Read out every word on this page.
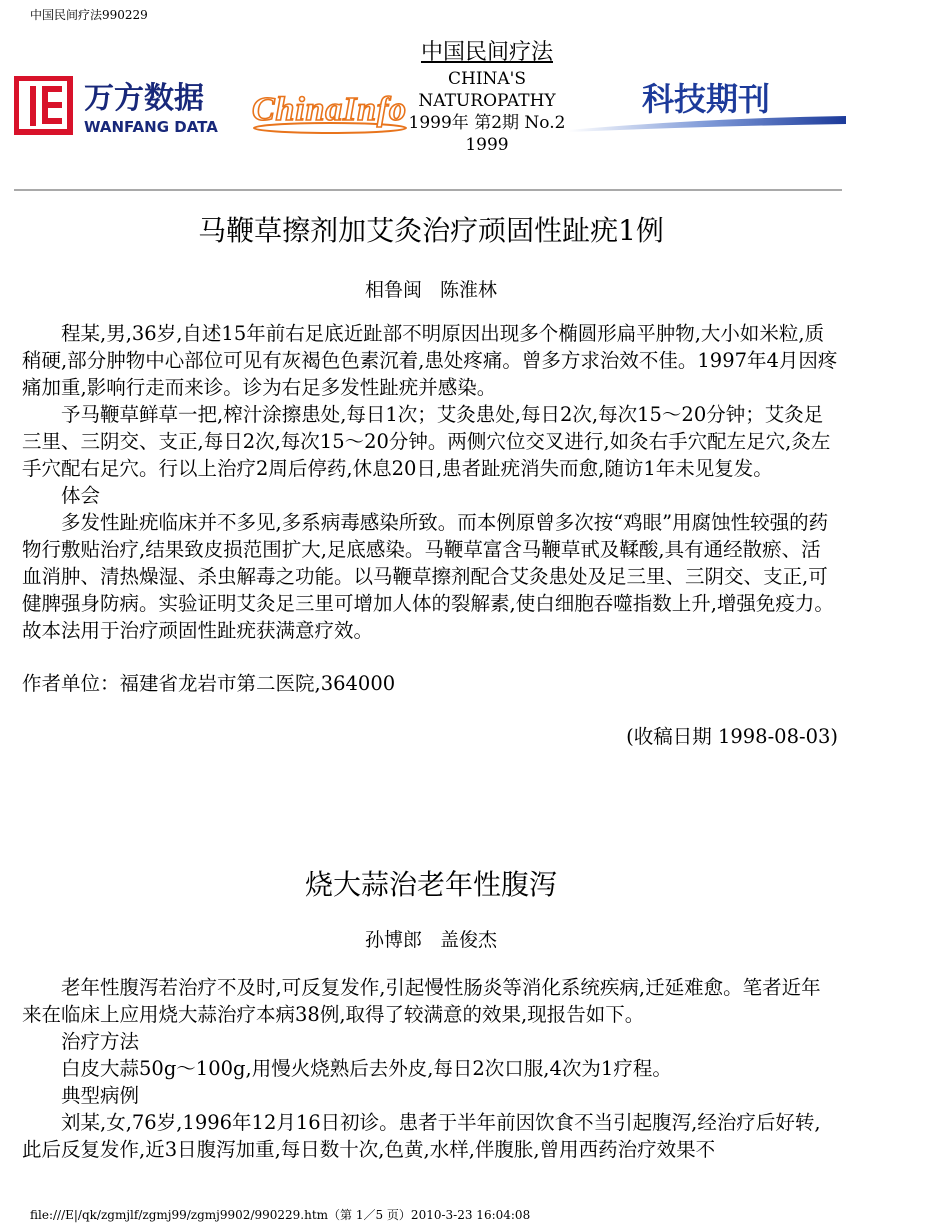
中国民间疗法990229
万方数据
WANFANG DATA ChinaInfo
中国民间疗法
CHINA'S
NATUROPATHY
1999年 第2期 No.2
1999
科技期刊
马鞭草擦剂加艾灸治疗顽固性趾疣1例
相鲁闽 陈淮林

程某,男,36岁,自述15年前右足底近趾部不明原因出现多个椭圆形扁平肿物,大小如米粒,质稍硬,部分肿物中心部位可见有灰褐色色素沉着,患处疼痛。曾多方求治效不佳。1997年4月因疼痛加重,影响行走而来诊。诊为右足多发性趾疣并感染。

予马鞭草鲜草一把,榨汁涂擦患处,每日1次；艾灸患处,每日2次,每次15～20分钟；艾灸足三里、三阴交、支正,每日2次,每次15～20分钟。两侧穴位交叉进行,如灸右手穴配左足穴,灸左手穴配右足穴。行以上治疗2周后停药,休息20日,患者趾疣消失而愈,随访1年未见复发。

体会

多发性趾疣临床并不多见,多系病毒感染所致。而本例原曾多次按“鸡眼”用腐蚀性较强的药物行敷贴治疗,结果致皮损范围扩大,足底感染。马鞭草富含马鞭草甙及鞣酸,具有通经散瘀、活血消肿、清热燥湿、杀虫解毒之功能。以马鞭草擦剂配合艾灸患处及足三里、三阴交、支正,可健脾强身防病。实验证明艾灸足三里可增加人体的裂解素,使白细胞吞噬指数上升,增强免疫力。故本法用于治疗顽固性趾疣获满意疗效。

作者单位：福建省龙岩市第二医院,364000
(收稿日期 1998-08-03)
烧大蒜治老年性腹泻
孙博郎 盖俊杰

老年性腹泻若治疗不及时,可反复发作,引起慢性肠炎等消化系统疾病,迁延难愈。笔者近年来在临床上应用烧大蒜治疗本病38例,取得了较满意的效果,现报告如下。

治疗方法

白皮大蒜50g～100g,用慢火烧熟后去外皮,每日2次口服,4次为1疗程。

典型病例

刘某,女,76岁,1996年12月16日初诊。患者于半年前因饮食不当引起腹泻,经治疗后好转,此后反复发作,近3日腹泻加重,每日数十次,色黄,水样,伴腹胀,曾用西药治疗效果不

file:///E|/qk/zgmjlf/zgmj99/zgmj9902/990229.htm（第 1／5 页）2010-3-23 16:04:08
